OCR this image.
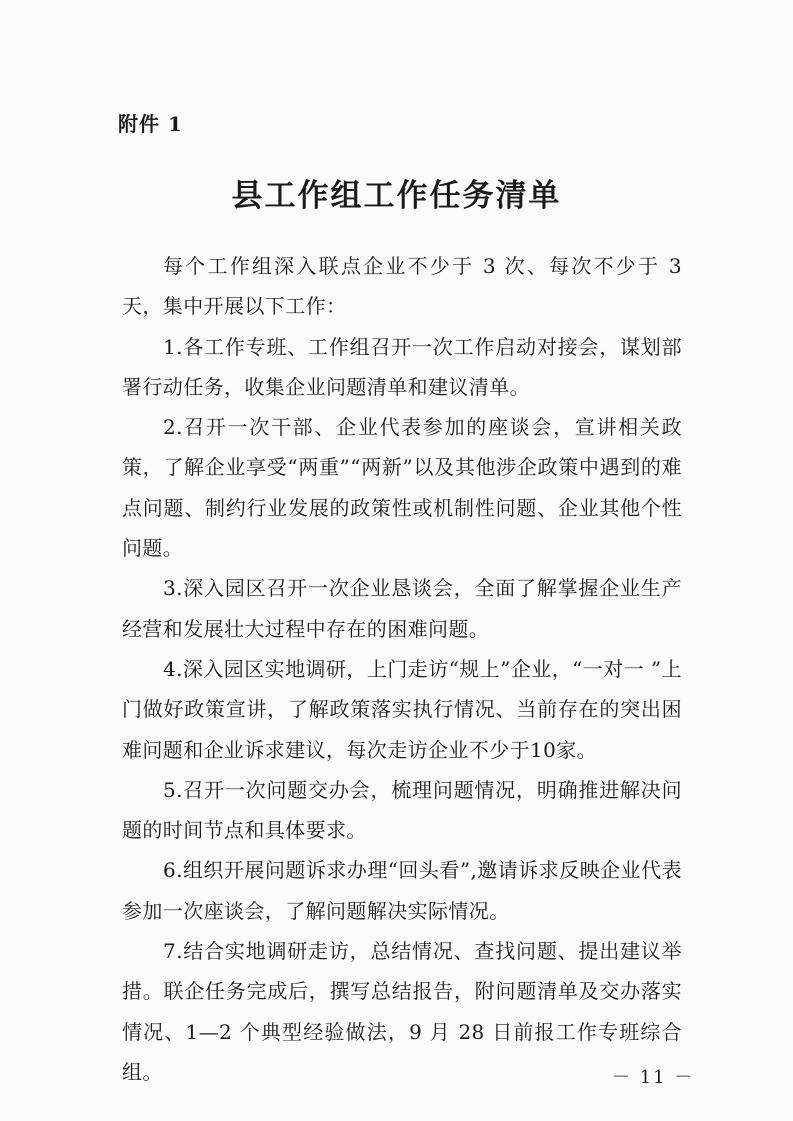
附件 1
县工作组工作任务清单

每个工作组深入联点企业不少于 3 次、每次不少于 3 天，集中开展以下工作：

1.各工作专班、工作组召开一次工作启动对接会，谋划部署行动任务，收集企业问题清单和建议清单。

2.召开一次干部、企业代表参加的座谈会，宣讲相关政策，了解企业享受“两重”“两新”以及其他涉企政策中遇到的难点问题、制约行业发展的政策性或机制性问题、企业其他个性问题。

3.深入园区召开一次企业恳谈会，全面了解掌握企业生产经营和发展壮大过程中存在的困难问题。

4.深入园区实地调研，上门走访“规上”企业，“一对一 ”上门做好政策宣讲，了解政策落实执行情况、当前存在的突出困难问题和企业诉求建议，每次走访企业不少于10家。

5.召开一次问题交办会，梳理问题情况，明确推进解决问题的时间节点和具体要求。

6.组织开展问题诉求办理“回头看”,邀请诉求反映企业代表参加一次座谈会，了解问题解决实际情况。

7.结合实地调研走访，总结情况、查找问题、提出建议举措。联企任务完成后，撰写总结报告，附问题清单及交办落实情况、1—2 个典型经验做法，9 月 28 日前报工作专班综合组。	－ 11 －
